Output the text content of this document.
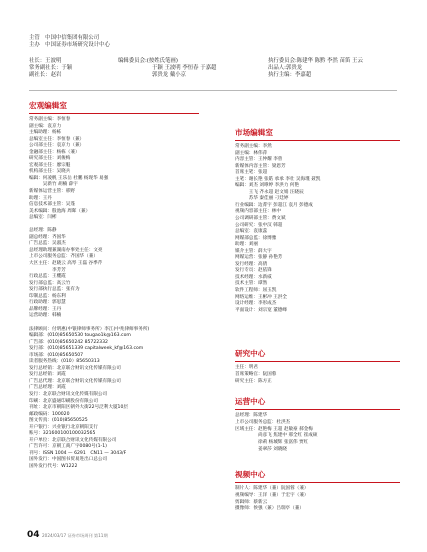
主管　中国中信集团有限公司
主办　中国证券市场研究设计中心
社长：王波明
常务副社长：于颖
副社长：赵岩
编辑委员会:(按姓氏笔画)
于颖 王波明 李恒春 于嘉超
郭贵龙 戴小京
执行委员会:陈建华 陈黔 李然 苗笛 王云
出品人:郭贵龙
执行主编：李嘉超
宏观编辑室
常务副主编：李恒春
副主编：袁京力
主编助理：杨栋
总编室主任：李恒春（兼）
公司部主任：袁京力（兼）
金融部主任：杨栋（兼）
研究部主任：刘俊梅
宏观部主任：廖宗魁
机构部主任：吴晓兵
编辑：何凌帆 王乐岳 杜鹏 杨现华 易强
　　　吴新竹 胡楠 薛宇
新媒体运营主管：邢野
助理：王丹
信息技术部主管：吴蓬
美术编辑：殷池海 周晖（兼）
总编室：闫彬

总经理：陈静
副总经理：齐国华
广告总监：吴淑杰
总经理助理兼湖南办事处主任：文亮
上市公司服务总监：齐国华（兼）
大区主任：赵晓云 高琴 王磊 谷季芹
　　　　　李芳芳
行政总监：王櫻霞
发行部总监：高云竹
发行部执行总监：张有为
印制总监：杨东利
行政助理：郭思慧
品牌经理：王丹
运营助理：韩楠

法律顾问：付明惠(中银律师事务所）李江(中兆律师事务所)
编辑部：(010)85650530 tougao1k@163.com
广告部：(010)85650242 85722332
发行部：(010)85651339 capitalweek_kf@163.com
市场部：(010)85650507
读者服务热线：(010）85650313
发行总经销：北京联合财讯文化传媒有限公司
发行总经销：刘霞
广告总代理：北京联合财讯文化传媒有限公司
广告总经理：刘霞
发行：北京联合财讯文化传媒有限公司
印刷：北京盛通印刷股份有限公司
刊址：北京市朝阳区朝外大街22号泛利大厦10层
邮政编码：100020
图文传真：(010)85650525
开户银行：兴业银行北京朝阳支行
账号：321600100100032565
开户单位：北京联合财讯文化传媒有限公司
广告许可：京朝工商广字0080号(1-1)
刊号：ISSN 1004 — 6291　CN11 — 3043/F
国外发行：中国图书贸易进出口总公司
国外发行代号：W1222
市场编辑室
常务副主编：李然
副主编：林伟萍
内容主管：王仲耀 李曾
新媒体内容主管：梁恩芳
首席主笔：张超
主笔：谢长艳 张皓 承承 李壮 吴海瑾 聂凯
编辑：刘杰 刘哮婷 李洪力 何艳
　　　王飞 齐永超 赵文娟 汪晓辰
　　　苏华 秦佳丽 刁廷婷
行业编辑：边菁宇 彭超江 袁月 彭德成
视频内容部主任：林中
公司调研部主管：费文斌
公司研究：张中汉 韩超
总编室：袁康蕊
网媒部总监：徐博雅
助理：刘丽
媒介主管：薛大宇
网媒运营：张静 孙艳芳
发行经理：高倩
发行专员：赵依锋
技术经理：水新威
技术主管：谭然
软件工程师：屈玉凯
网络运维：王彬冲 王洪全
设计经理：李彤成杰
平面设计：刘宗宽 董德峰
研究中心
主任：明君
首席策略官：阮国蓉
研究主任：陈方正
运营中心
总经理：陈建华
上市公司服务总监：杜洪杰
区域主任：赵艳梅 王超 赵敏豪 郝金梅
　　　　　尚彦飞 焦建中 邢全红 崔成硕
　　　　　徐莉 杨城辉 张富伟 贾红
　　　　　姜翠莎 刘晓晓
视频中心
制片人：陈建华（兼）阮国蓉（兼）
视频编导：王洋（兼）于宏宇（兼）
剪辑师：蔡新云
摄像师：侯强（兼）吕瑞亭（兼）
04 2024/03/17 证券市场周刊 第11期
